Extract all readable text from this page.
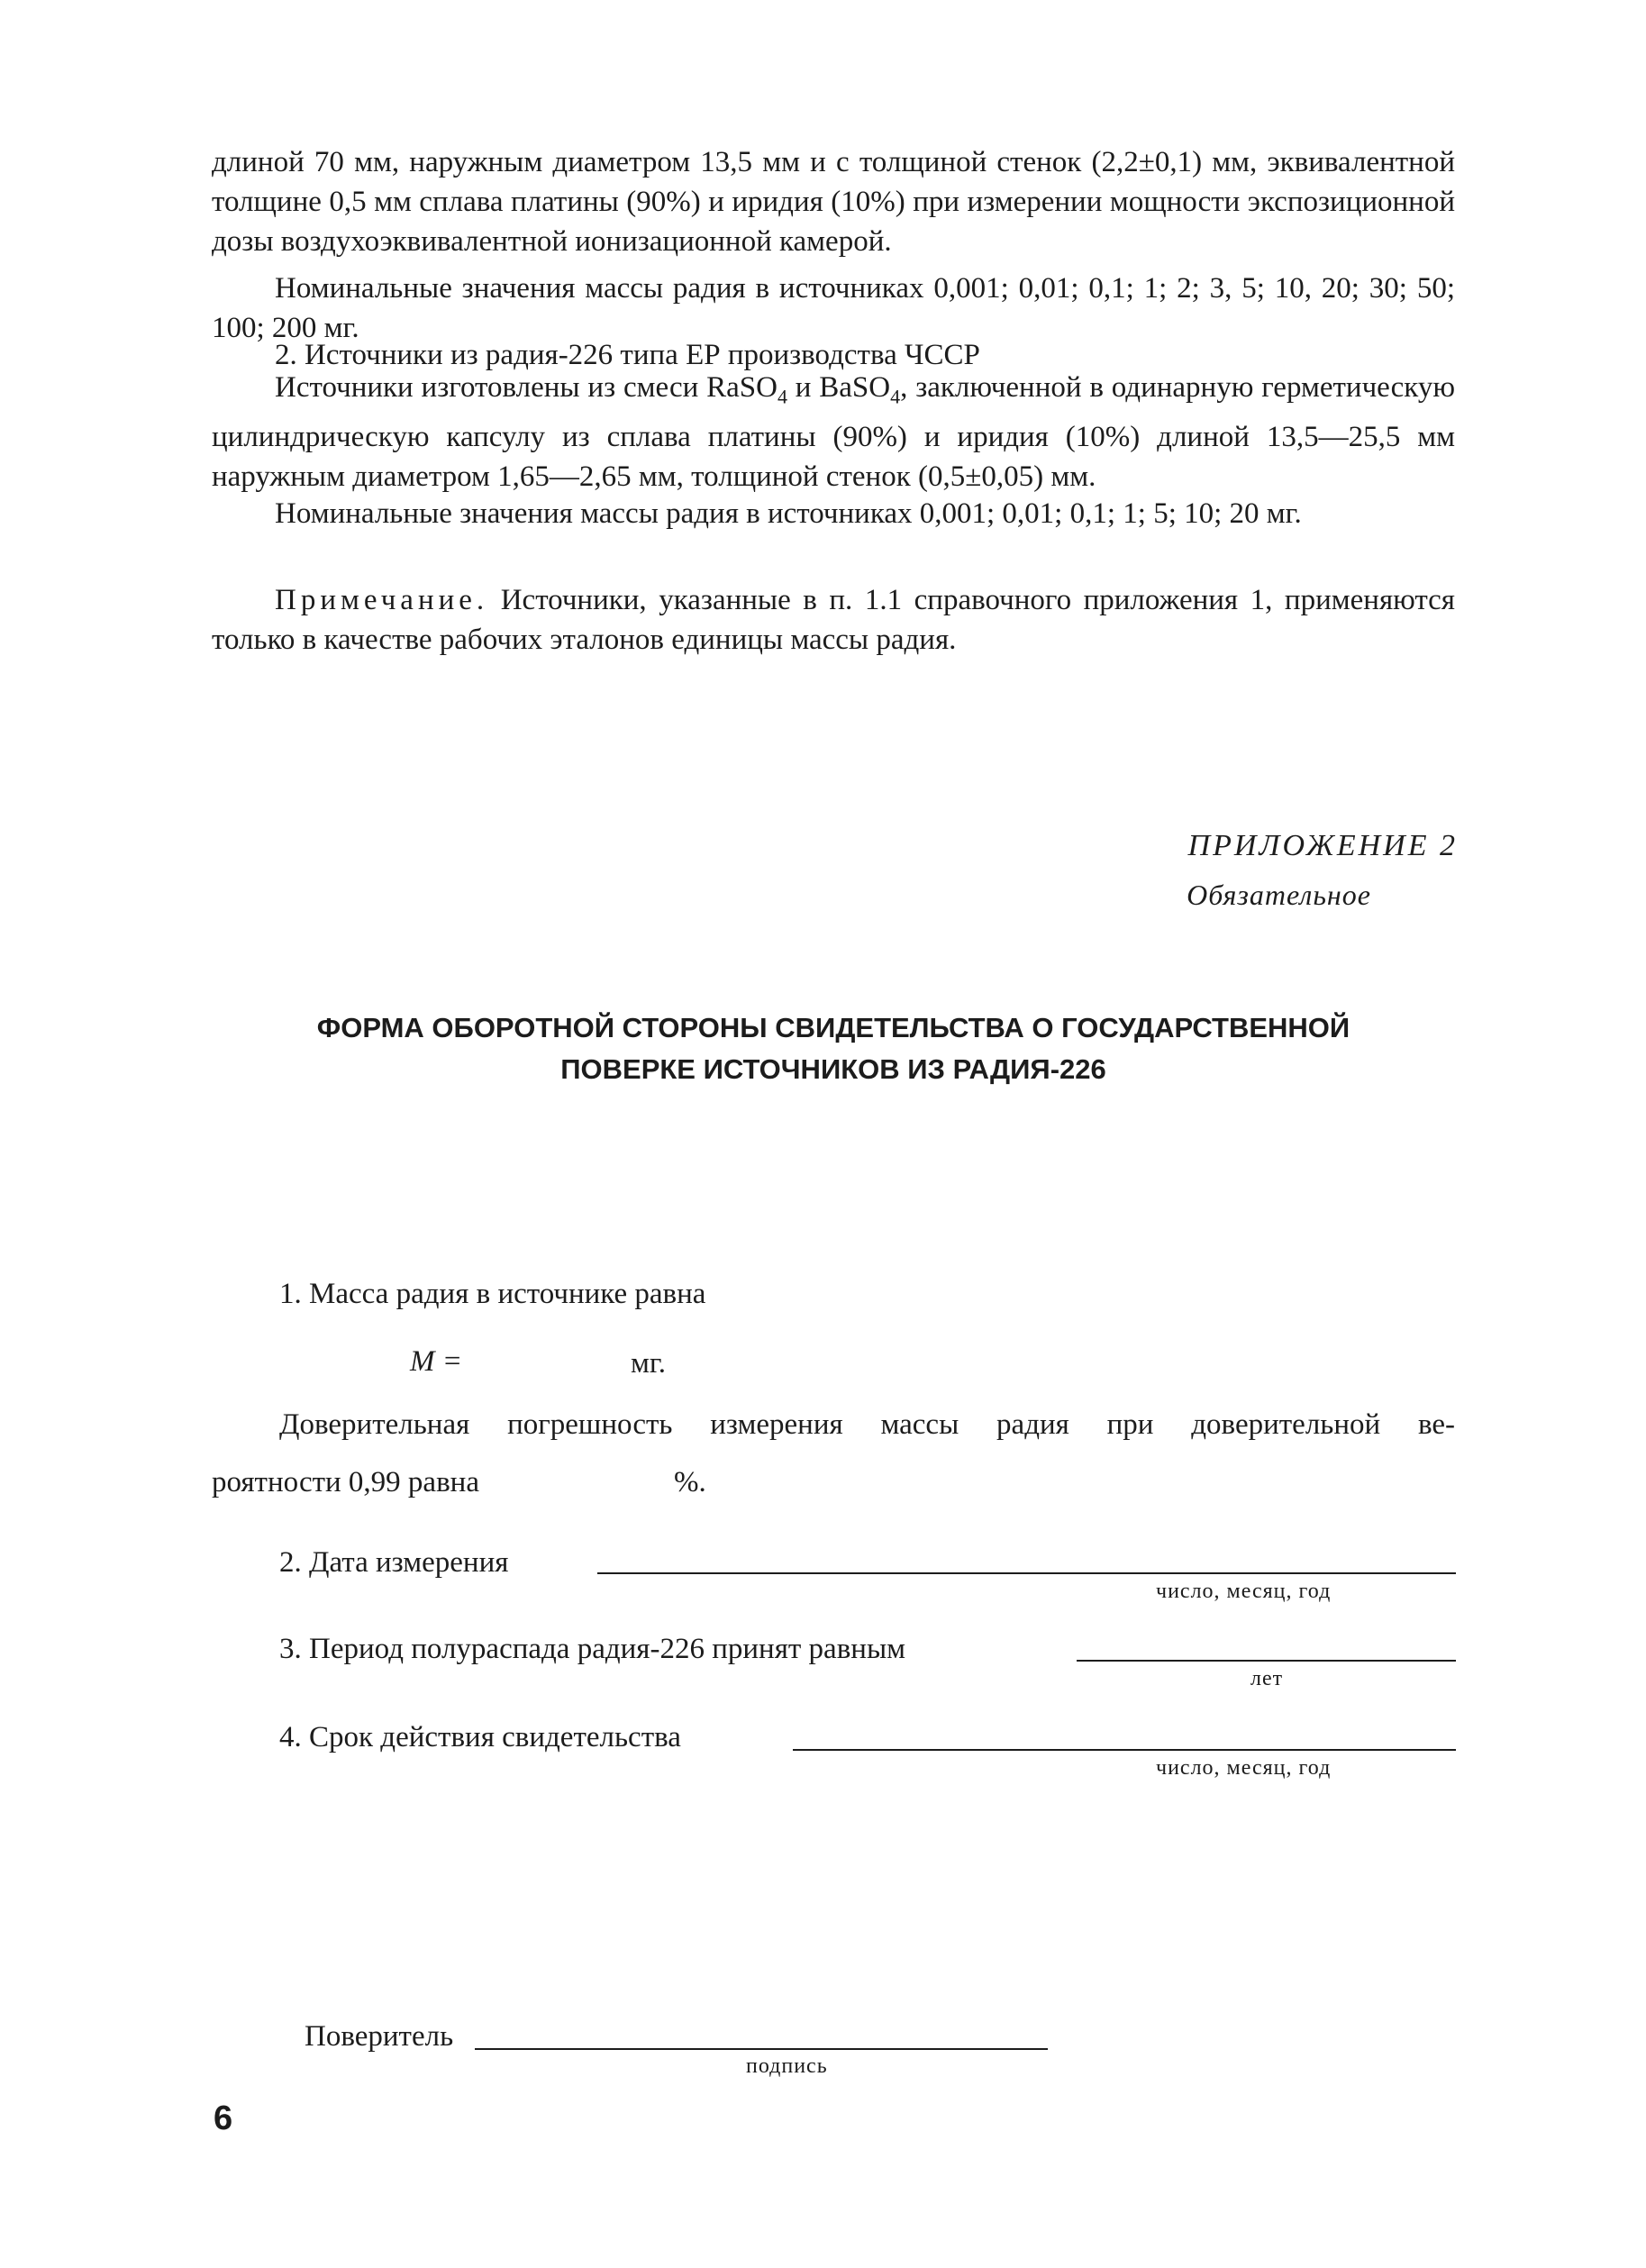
длиной 70 мм, наружным диаметром 13,5 мм и с толщиной стенок (2,2±0,1) мм, эквивалентной толщине 0,5 мм сплава платины (90%) и иридия (10%) при измерении мощности экспозиционной дозы воздухоэквивалентной ионизационной камерой.
Номинальные значения массы радия в источниках 0,001; 0,01; 0,1; 1; 2; 3, 5; 10, 20; 30; 50; 100; 200 мг.
2. Источники из радия-226 типа ЕР производства ЧССР
Источники изготовлены из смеси RaSO$_4$ и BaSO$_4$, заключенной в одинарную герметическую цилиндрическую капсулу из сплава платины (90%) и иридия (10%) длиной 13,5—25,5 мм наружным диаметром 1,65—2,65 мм, толщиной стенок (0,5±0,05) мм.
Номинальные значения массы радия в источниках 0,001; 0,01; 0,1; 1; 5; 10; 20 мг.
Примечание. Источники, указанные в п. 1.1 справочного приложения 1, применяются только в качестве рабочих эталонов единицы массы радия.
ПРИЛОЖЕНИЕ 2
Обязательное
ФОРМА ОБОРОТНОЙ СТОРОНЫ СВИДЕТЕЛЬСТВА О ГОСУДАРСТВЕННОЙ
ПОВЕРКЕ ИСТОЧНИКОВ ИЗ РАДИЯ-226
1. Масса радия в источнике равна
M =	мг.
Доверительная погрешность измерения массы радия при доверительной ве-
роятности 0,99 равна	%.
2. Дата измерения
число, месяц, год
3. Период полураспада радия-226 принят равным
лет
4. Срок действия свидетельства
число, месяц, год
Поверитель
подпись
6
